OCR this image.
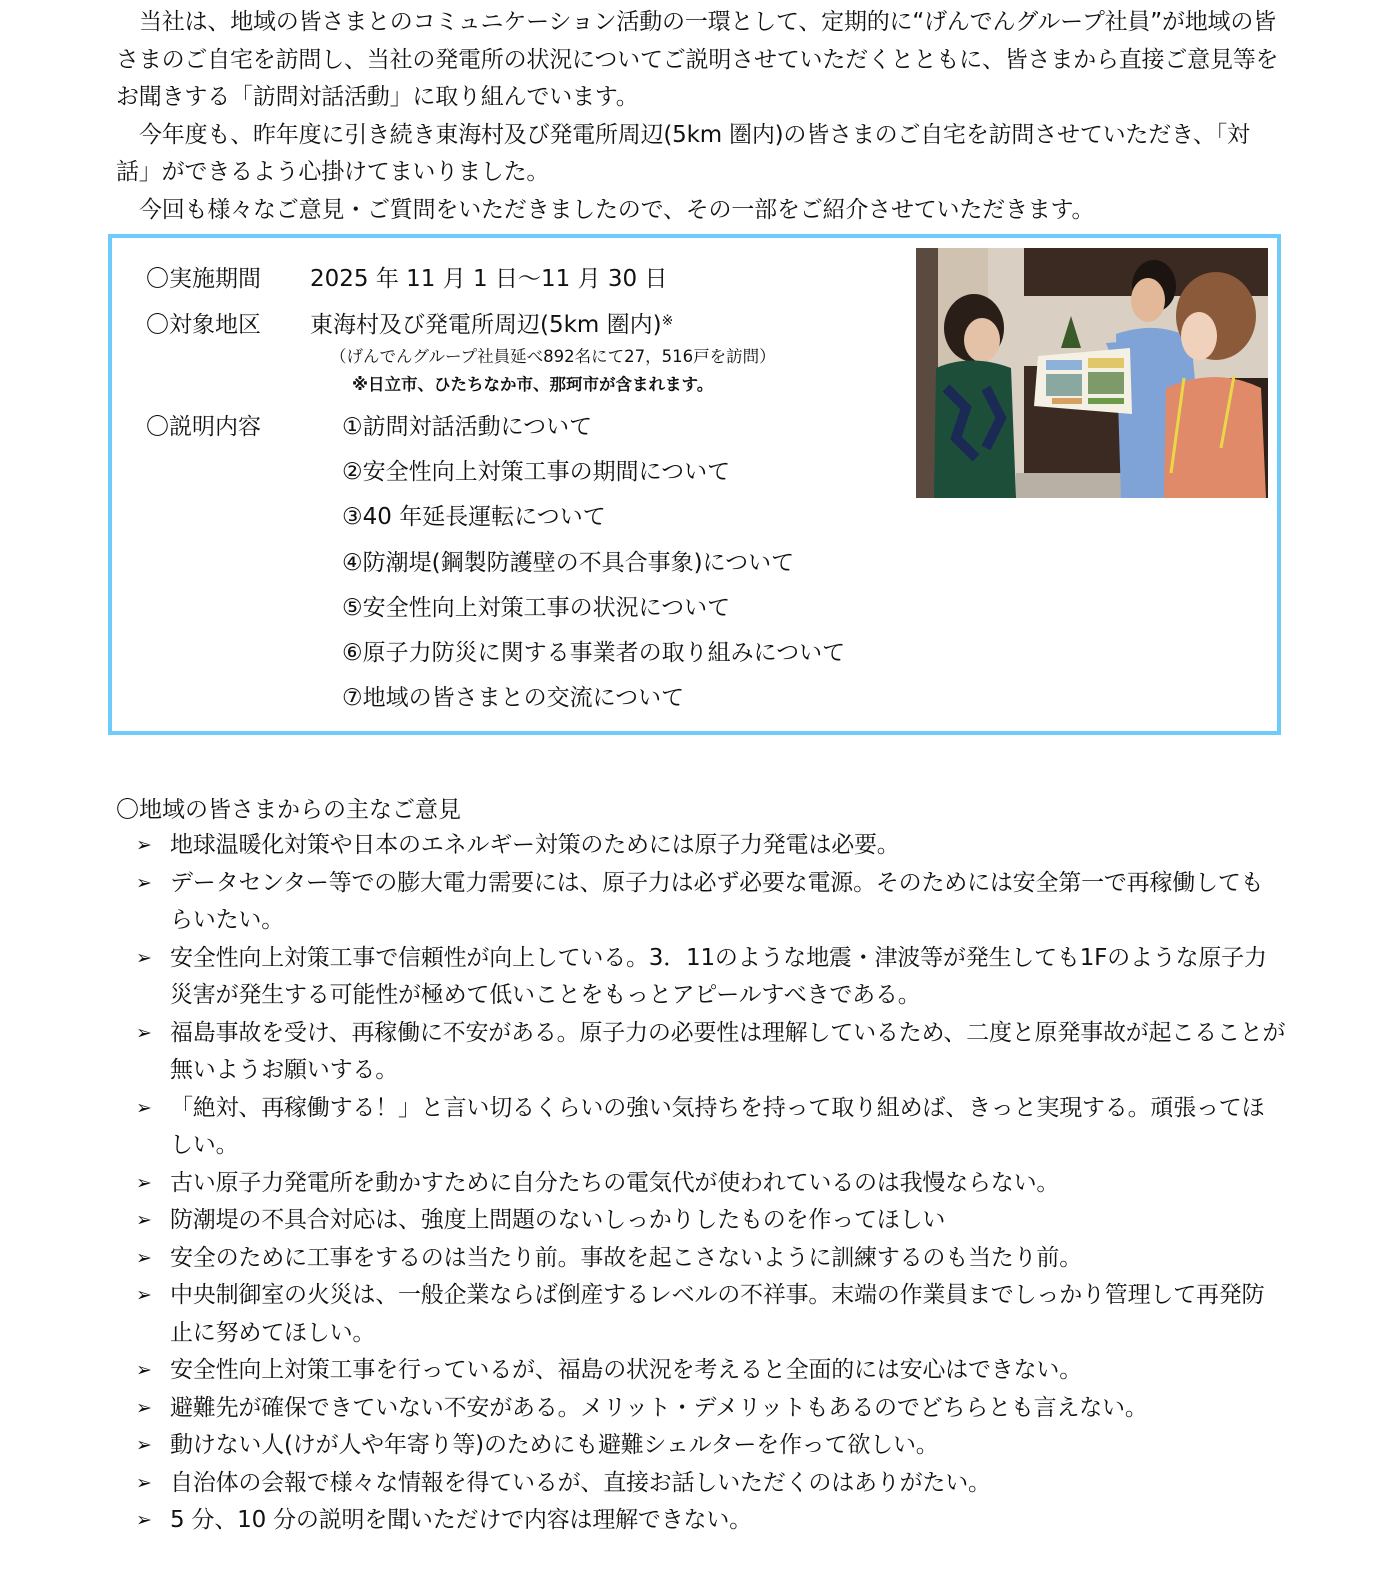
当社は、地域の皆さまとのコミュニケーション活動の一環として、定期的に“げんでんグループ社員”が地域の皆さまのご自宅を訪問し、当社の発電所の状況についてご説明させていただくとともに、皆さまから直接ご意見等をお聞きする「訪問対話活動」に取り組んでいます。

今年度も、昨年度に引き続き東海村及び発電所周辺(5km 圏内)の皆さまのご自宅を訪問させていただき、「対話」ができるよう心掛けてまいりました。

今回も様々なご意見・ご質問をいただきましたので、その一部をご紹介させていただきます。

〇実施期間 2025 年 11 月 1 日～11 月 30 日
〇対象地区 東海村及び発電所周辺(5km 圏内)※
（げんでんグループ社員延べ892名にて27，516戸を訪問）
※日立市、ひたちなか市、那珂市が含まれます。
〇説明内容	①訪問対話活動について
②安全性向上対策工事の期間について
③40 年延長運転について
④防潮堤(鋼製防護壁の不具合事象)について
⑤安全性向上対策工事の状況について
⑥原子力防災に関する事業者の取り組みについて
⑦地域の皆さまとの交流について

〇地域の皆さまからの主なご意見

➢ 地球温暖化対策や日本のエネルギー対策のためには原子力発電は必要。
➢ データセンター等での膨大電力需要には、原子力は必ず必要な電源。そのためには安全第一で再稼働してもらいたい。
➢ 安全性向上対策工事で信頼性が向上している。3．11のような地震・津波等が発生しても1Fのような原子力災害が発生する可能性が極めて低いことをもっとアピールすべきである。
➢ 福島事故を受け、再稼働に不安がある。原子力の必要性は理解しているため、二度と原発事故が起こることが無いようお願いする。
➢ 「絶対、再稼働する！」と言い切るくらいの強い気持ちを持って取り組めば、きっと実現する。頑張ってほしい。
➢ 古い原子力発電所を動かすために自分たちの電気代が使われているのは我慢ならない。
➢ 防潮堤の不具合対応は、強度上問題のないしっかりしたものを作ってほしい
➢ 安全のために工事をするのは当たり前。事故を起こさないように訓練するのも当たり前。
➢ 中央制御室の火災は、一般企業ならば倒産するレベルの不祥事。末端の作業員までしっかり管理して再発防止に努めてほしい。
➢ 安全性向上対策工事を行っているが、福島の状況を考えると全面的には安心はできない。
➢ 避難先が確保できていない不安がある。メリット・デメリットもあるのでどちらとも言えない。
➢ 動けない人(けが人や年寄り等)のためにも避難シェルターを作って欲しい。
➢ 自治体の会報で様々な情報を得ているが、直接お話しいただくのはありがたい。
➢ 5 分、10 分の説明を聞いただけで内容は理解できない。
